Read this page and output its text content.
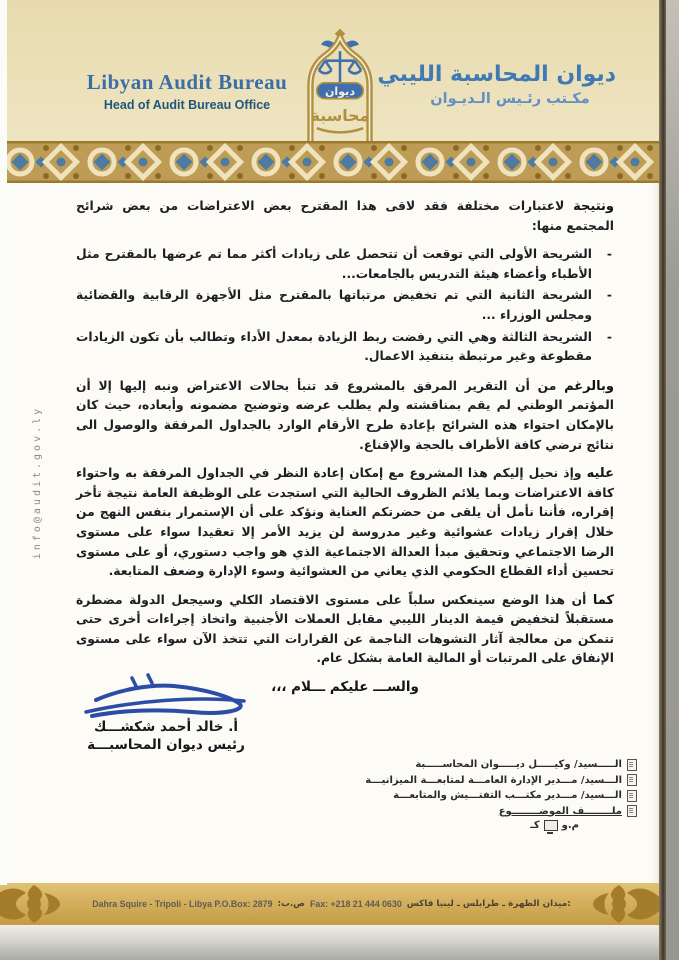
Libyan Audit Bureau
Head of Audit Bureau Office
ديوان
محاسبة
ديوان المحاسبة الليبي
مكـتب رئـيس الـديـوان

ونتيجة لاعتبارات مختلفة فقد لاقى هذا المقترح بعض الاعتراضات من بعض شرائح المجتمع منها:

-
الشريحة الأولى التي توقعت أن تتحصل على زيادات أكثر مما تم عرضها بالمقترح مثل الأطباء وأعضاء هيئة التدريس بالجامعات...
-
الشريحة الثانية التي تم تخفيض مرتباتها بالمقترح مثل الأجهزة الرقابية والقضائية ومجلس الوزراء ...
-
الشريحة الثالثة وهي التي رفضت ربط الزيادة بمعدل الأداء وتطالب بأن تكون الزيادات مقطوعة وغير مرتبطة بتنفيذ الاعمال.

وبالرغم من أن التقرير المرفق بالمشروع قد تنبأ بحالات الاعتراض ونبه إليها إلا أن المؤتمر الوطني لم يقم بمناقشته ولم يطلب عرضه وتوضيح مضمونه وأبعاده، حيث كان بالإمكان احتواء هذه الشرائح بإعادة طرح الأرقام الوارد بالجداول المرفقة والوصول الى نتائج ترضي كافة الأطراف بالحجة والإقناع.

عليه وإذ نحيل إليكم هذا المشروع مع إمكان إعادة النظر في الجداول المرفقة به واحتواء كافة الاعتراضات وبما يلائم الظروف الحالية التي استجدت على الوظيفة العامة نتيجة تأخر إقراره، فأننا نأمل أن يلقى من حضرتكم العناية ونؤكد على أن الإستمرار بنفس النهج من خلال إقرار زيادات عشوائية وغير مدروسة لن يزيد الأمر إلا تعقيدا سواء على مستوى الرضا الاجتماعي وتحقيق مبدأ العدالة الاجتماعية الذي هو واجب دستوري، أو على مستوى تحسين أداء القطاع الحكومي الذي يعاني من العشوائية وسوء الإدارة وضعف المتابعة.

كما أن هذا الوضع سينعكس سلباً على مستوى الاقتصاد الكلي وسيجعل الدولة مضطرة مستقبلاً لتخفيض قيمة الدينار الليبي مقابل العملات الأجنبية واتخاذ إجراءات أخرى حتى تتمكن من معالجة آثار التشوهات الناجمة عن القرارات التي تتخذ الآن سواء على مستوى الإنفاق على المرتبات أو المالية العامة بشكل عام.

والســـ عليكم ـــلام ،،،
أ. خالد أحمد شكشـــك
رئيس ديوان المحاسبـــة
الـــــسيد/ وكيـــــل ديـــــوان المحاســـــبة
الـــسيد/ مـــدير الإدارة العامـــة لمتابعـــة الميزانيـــة
الـــسيد/ مـــدير مكتـــب التفتـــيش والمتابعـــة
ملــــــــف الموضــــــــوع
كـ م.و
Dahra Squire - Tripoli - Libya P.O.Box: 2879 :ص.ب Fax: +218 21 444 0630 ميدان الظهرة ـ طرابلس ـ ليبيا فاكس:
info@audit.gov.ly
